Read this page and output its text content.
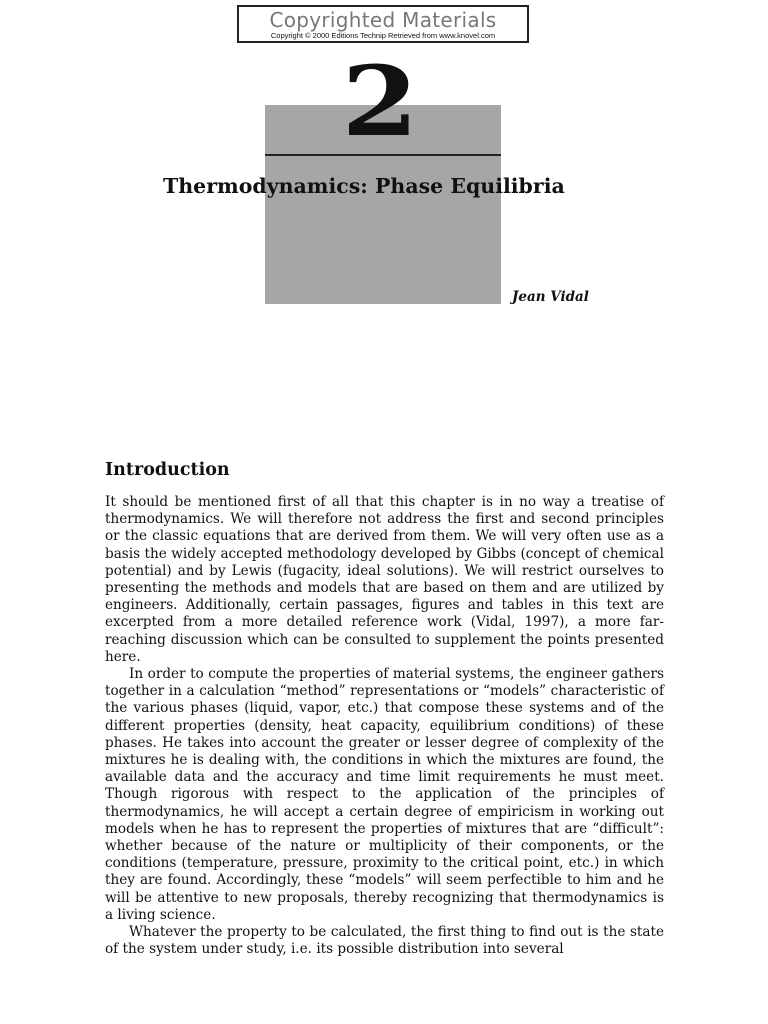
Copyrighted Materials
Copyright © 2000 Editions Technip Retrieved from www.knovel.com
2
Thermodynamics: Phase Equilibria
Jean Vidal
Introduction

It should be mentioned first of all that this chapter is in no way a treatise of thermodynamics. We will therefore not address the first and second principles or the classic equations that are derived from them. We will very often use as a basis the widely accepted methodology developed by Gibbs (concept of chemical potential) and by Lewis (fugacity, ideal solutions). We will restrict ourselves to presenting the methods and models that are based on them and are utilized by engineers. Additionally, certain passages, figures and tables in this text are excerpted from a more detailed reference work (Vidal, 1997), a more far-reaching discussion which can be consulted to supplement the points presented here.

In order to compute the properties of material systems, the engineer gathers together in a calculation “method” representations or “models” characteristic of the various phases (liquid, vapor, etc.) that compose these systems and of the different properties (density, heat capacity, equilibrium conditions) of these phases. He takes into account the greater or lesser degree of complexity of the mixtures he is dealing with, the conditions in which the mixtures are found, the available data and the accuracy and time limit requirements he must meet. Though rigorous with respect to the application of the principles of thermodynamics, he will accept a certain degree of empiricism in working out models when he has to represent the properties of mixtures that are “difficult”: whether because of the nature or multiplicity of their components, or the conditions (temperature, pressure, proximity to the critical point, etc.) in which they are found. Accordingly, these “models” will seem perfectible to him and he will be attentive to new proposals, thereby recognizing that thermodynamics is a living science.

Whatever the property to be calculated, the first thing to find out is the state of the system under study, i.e. its possible distribution into several
